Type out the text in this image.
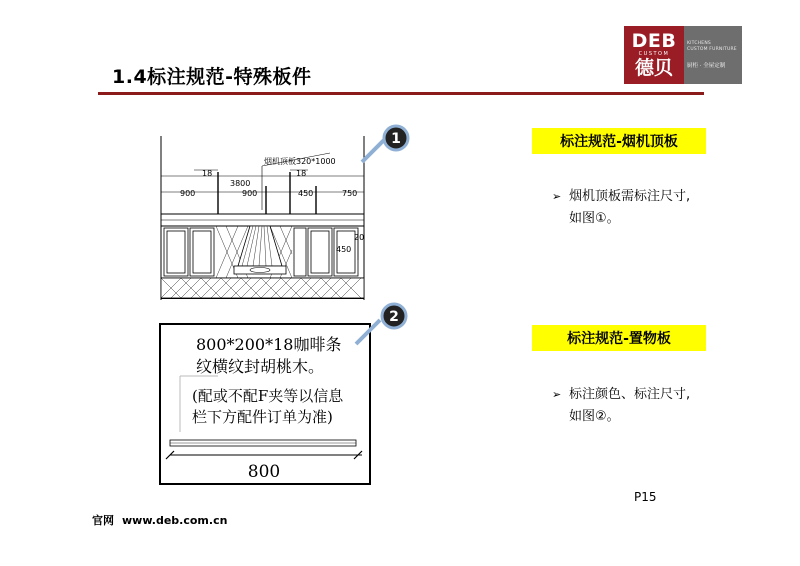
1.4标注规范-特殊板件
DEB
CUSTOM
德贝
KITCHENS
CUSTOM FURNITURE
厨柜 · 全屋定制
烟机顶板320*1000
18
3800
18
900	900	450	750
450
20
1
800*200*18咖啡条
纹横纹封胡桃木。
(配或不配F夹等以信息
栏下方配件订单为准)
800
2
标注规范-烟机顶板
➢ 烟机顶板需标注尺寸,
如图①。
标注规范-置物板
➢ 标注颜色、标注尺寸,
如图②。
P15
官网 www.deb.com.cn
